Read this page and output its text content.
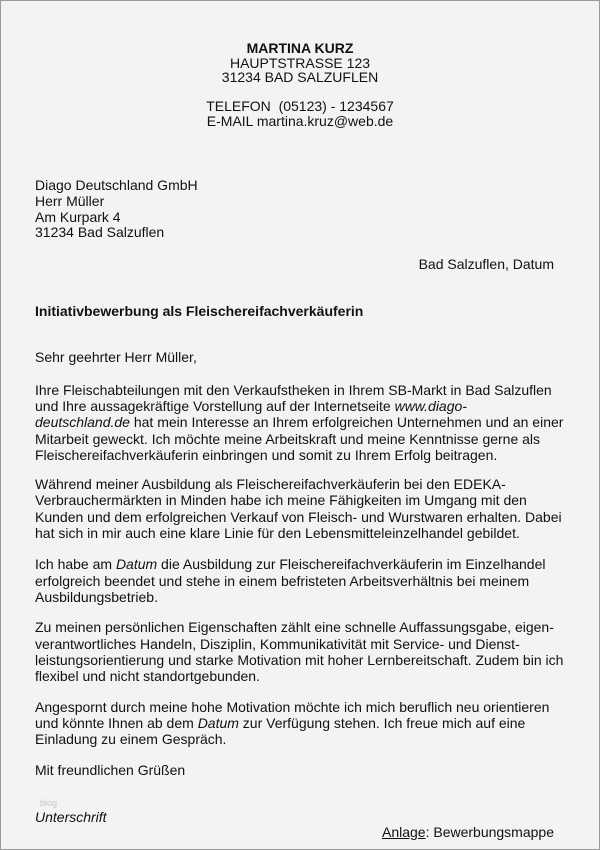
MARTINA KURZ
HAUPTSTRASSE 123
31234 BAD SALZUFLEN
TELEFON  (05123) - 1234567
E-MAIL martina.kruz@web.de
Diago Deutschland GmbH
Herr Müller
Am Kurpark 4
31234 Bad Salzuflen
Bad Salzuflen, Datum
Initiativbewerbung als Fleischereifachverkäuferin
Sehr geehrter Herr Müller,
Ihre Fleischabteilungen mit den Verkaufstheken in Ihrem SB-Markt in Bad Salzuflen
und Ihre aussagekräftige Vorstellung auf der Internetseite www.diago-
deutschland.de hat mein Interesse an Ihrem erfolgreichen Unternehmen und an einer
Mitarbeit geweckt. Ich möchte meine Arbeitskraft und meine Kenntnisse gerne als
Fleischereifachverkäuferin einbringen und somit zu Ihrem Erfolg beitragen.
Während meiner Ausbildung als Fleischereifachverkäuferin bei den EDEKA-
Verbrauchermärkten in Minden habe ich meine Fähigkeiten im Umgang mit den
Kunden und dem erfolgreichen Verkauf von Fleisch- und Wurstwaren erhalten. Dabei
hat sich in mir auch eine klare Linie für den Lebensmitteleinzelhandel gebildet.
Ich habe am Datum die Ausbildung zur Fleischereifachverkäuferin im Einzelhandel
erfolgreich beendet und stehe in einem befristeten Arbeitsverhältnis bei meinem
Ausbildungsbetrieb.
Zu meinen persönlichen Eigenschaften zählt eine schnelle Auffassungsgabe, eigen-
verantwortliches Handeln, Disziplin, Kommunikativität mit Service- und Dienst-
leistungsorientierung und starke Motivation mit hoher Lernbereitschaft. Zudem bin ich
flexibel und nicht standortgebunden.
Angespornt durch meine hohe Motivation möchte ich mich beruflich neu orientieren
und könnte Ihnen ab dem Datum zur Verfügung stehen. Ich freue mich auf eine
Einladung zu einem Gespräch.
Mit freundlichen Grüßen
blog
Unterschrift
Anlage: Bewerbungsmappe
